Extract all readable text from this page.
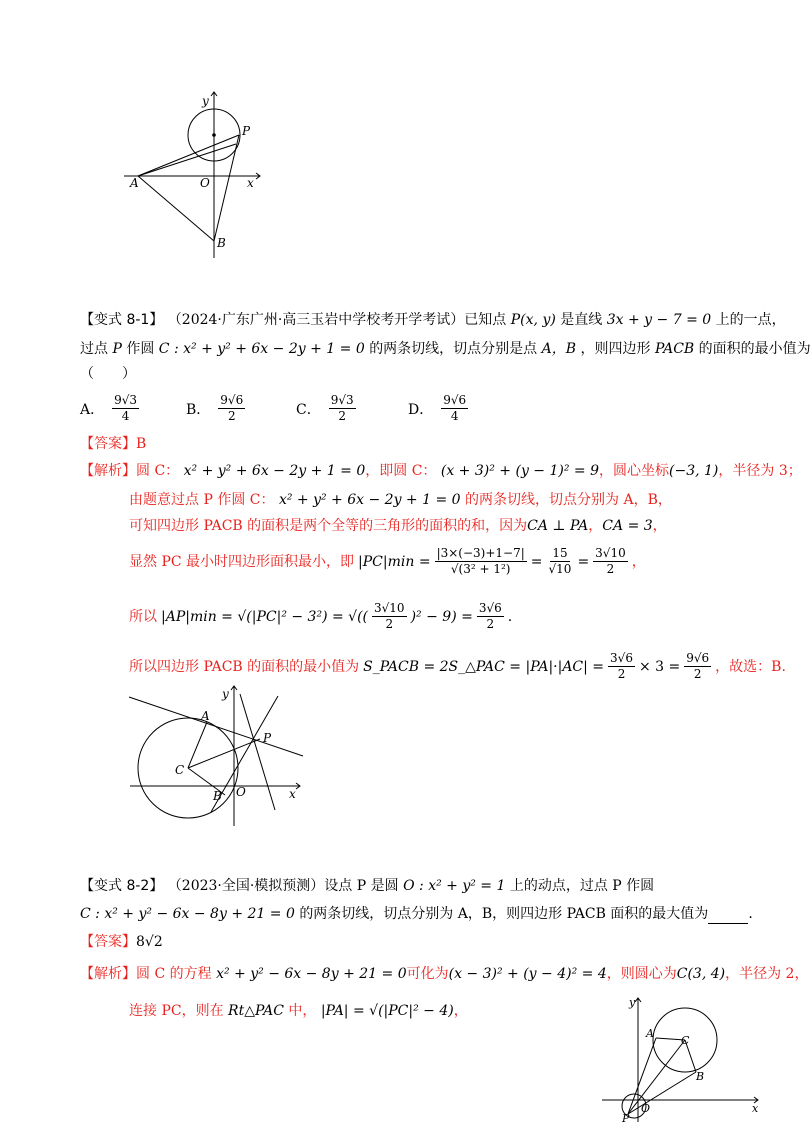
y
P
A	O	x
B
【变式 8-1】 （2024·广东广州·高三玉岩中学校考开学考试）已知点 P(x, y) 是直线 3x + y − 7 = 0 上的一点，
过点 P 作圆 C : x² + y² + 6x − 2y + 1 = 0 的两条切线，切点分别是点 A，B ，则四边形 PACB 的面积的最小值为
（　　）
A． $\frac{9√3}{4}$	B． $\frac{9√6}{2}$	C． $\frac{9√3}{2}$	D． $\frac{9√6}{4}$
【答案】B
【解析】圆 C： x² + y² + 6x − 2y + 1 = 0，即圆 C： (x + 3)² + (y − 1)² = 9，圆心坐标(−3, 1)，半径为 3；
由题意过点 P 作圆 C： x² + y² + 6x − 2y + 1 = 0 的两条切线，切点分别为 A，B，
可知四边形 PACB 的面积是两个全等的三角形的面积的和，因为CA ⊥ PA，CA = 3，
显然 PC 最小时四边形面积最小，即 $|PC|\min = \frac{|3\times(-3)+1-7|}{\text{√(3² + 1²)}} = \frac{15}{√10} = \frac{3√10}{2}$ ，
所以 |AP|min = √(|PC|² − 3²) = √(( $\frac{3√10}{2} )^2 - 9) = \frac{3√6}{2}$ .
所以四边形 PACB 的面积的最小值为 S_PACB = 2S_△PAC = $|PA|\cdot|AC| = \frac{3√6}{2} \times 3 = \frac{9√6}{2}$ ，故选：B.
y
A
P
C
B O	x
【变式 8-2】 （2023·全国·模拟预测）设点 P 是圆 O : x² + y² = 1 上的动点，过点 P 作圆
C : x² + y² − 6x − 8y + 21 = 0 的两条切线，切点分别为 A，B，则四边形 PACB 面积的最大值为	.
【答案】8√2
【解析】圆 C 的方程 x² + y² − 6x − 8y + 21 = 0可化为(x − 3)² + (y − 4)² = 4，则圆心为C(3, 4)，半径为 2，
连接 PC，则在 Rt△PAC 中， |PA| = √(|PC|² − 4)，
y
A
C
B
P
O	x
